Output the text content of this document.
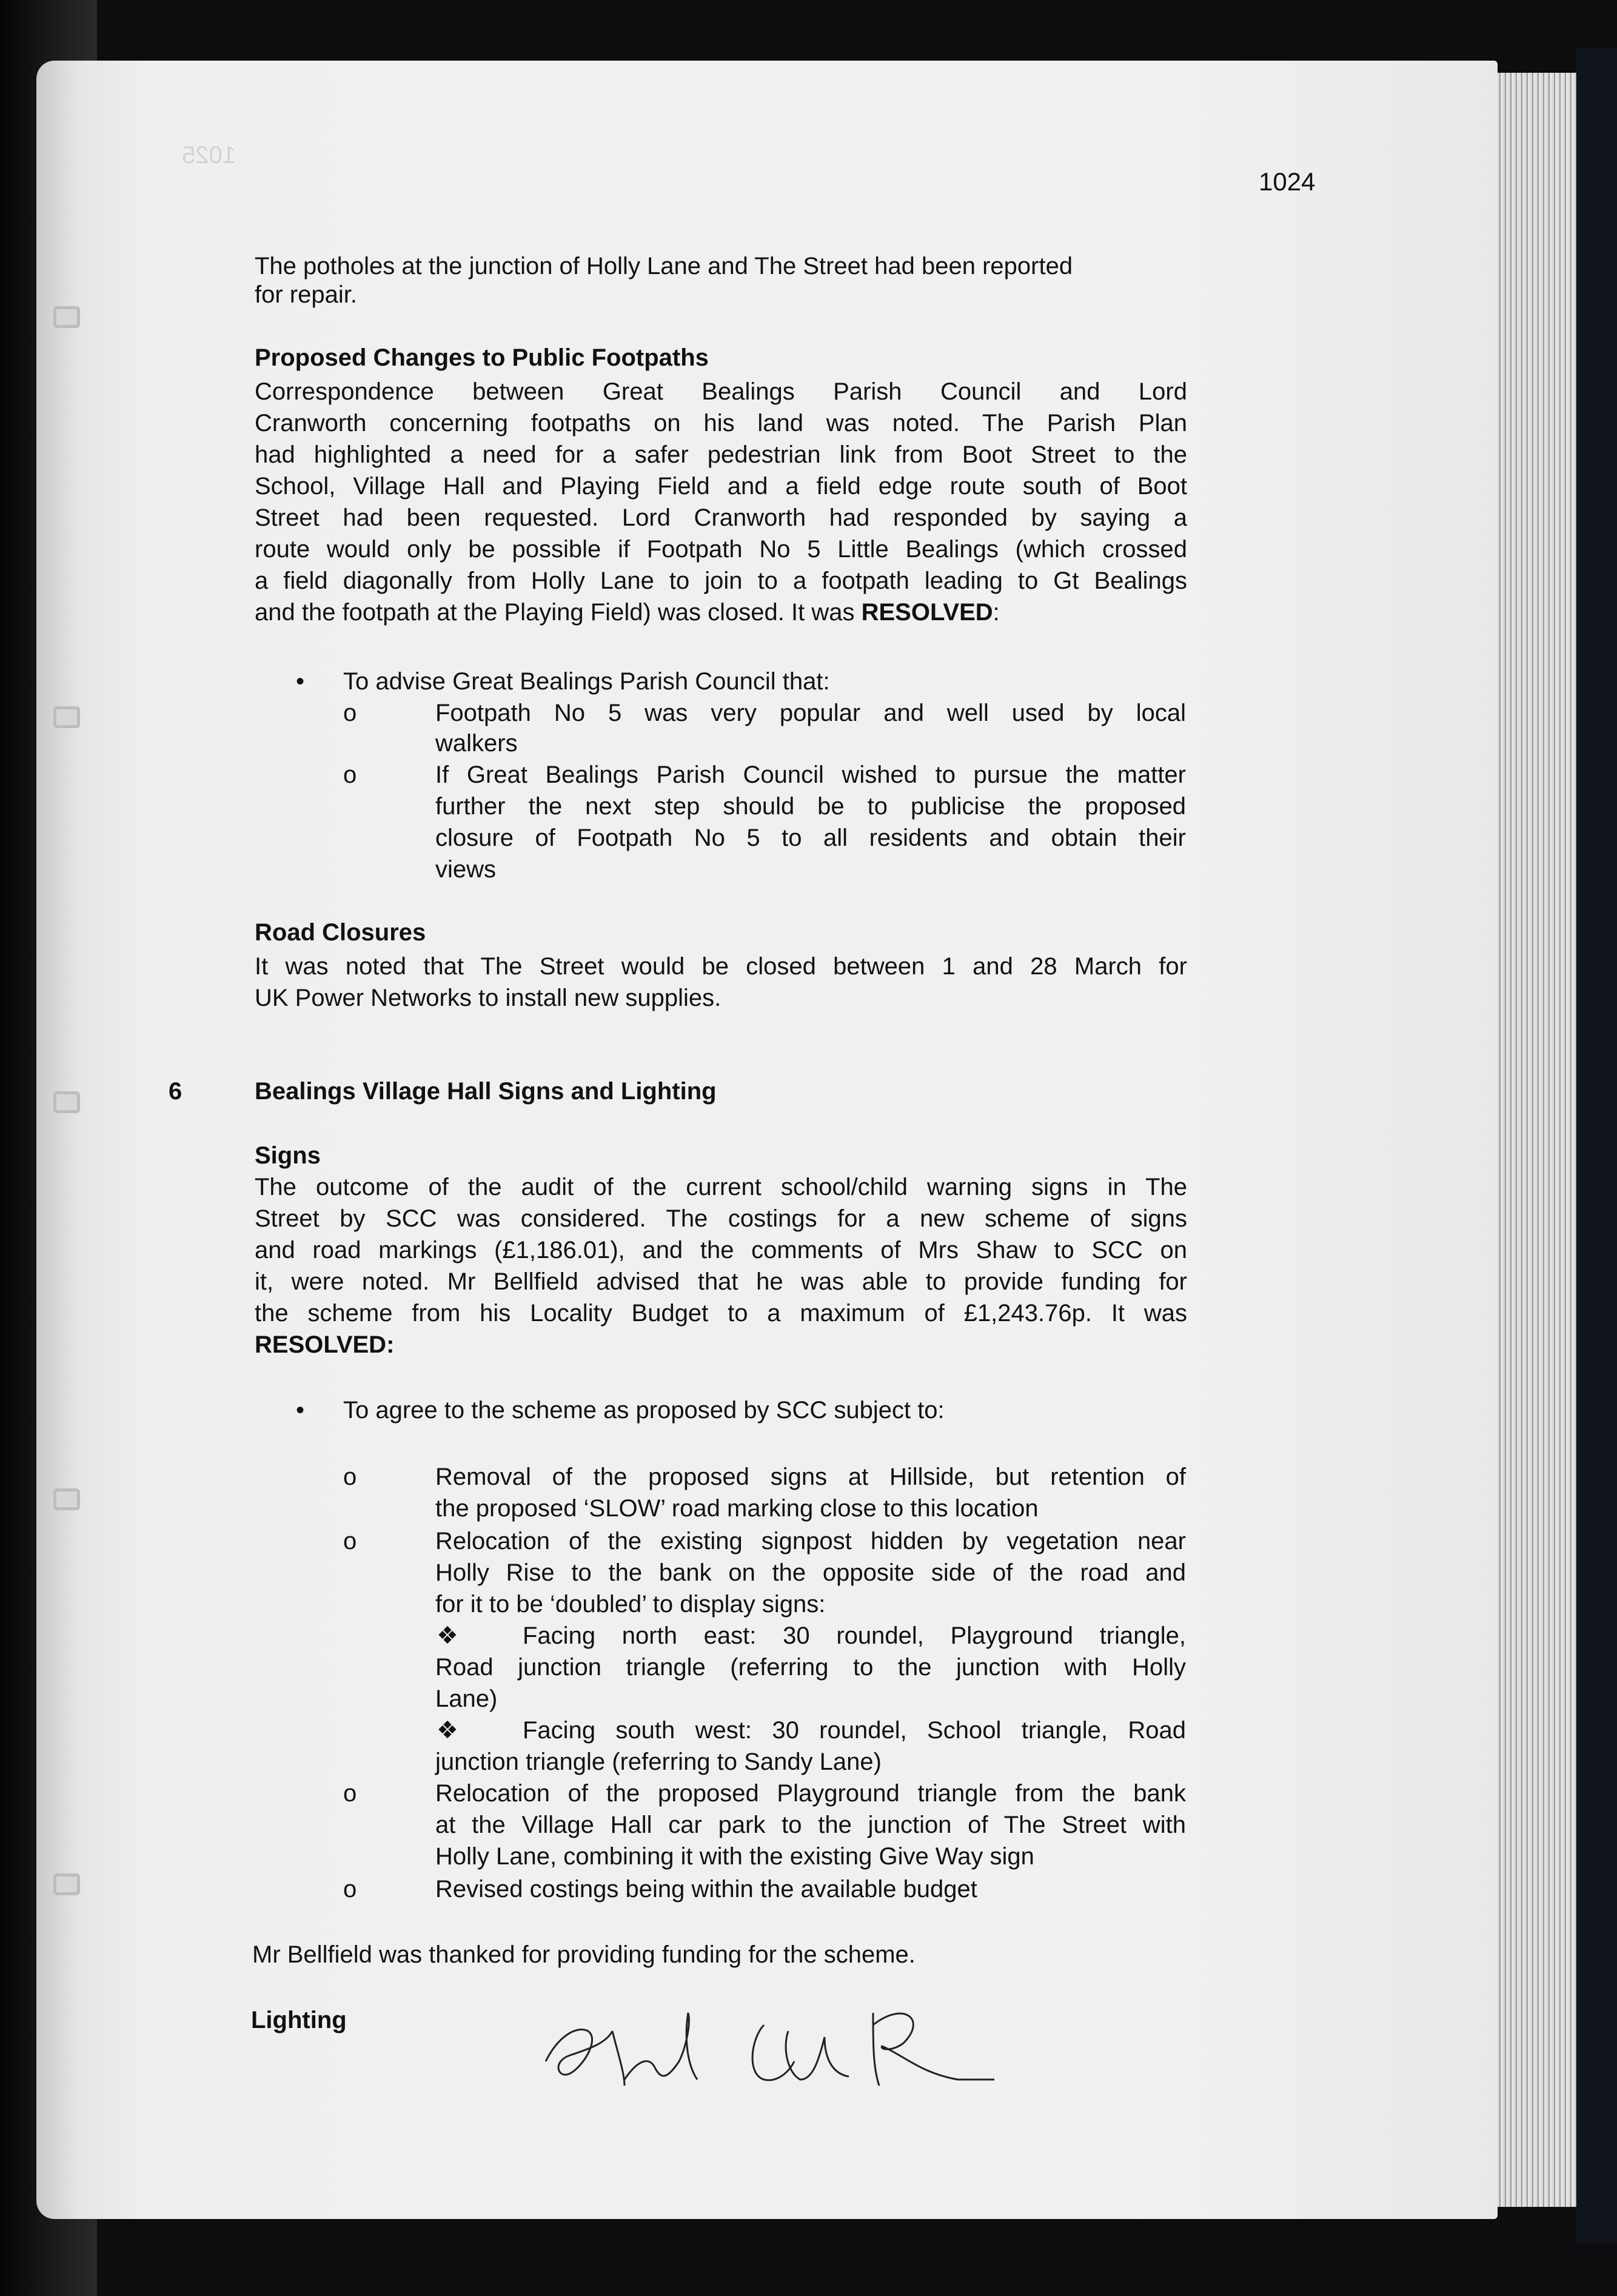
1025
1024
The potholes at the junction of Holly Lane and The Street had been reported
for repair.
Proposed Changes to Public Footpaths
Correspondence between Great Bealings Parish Council and Lord
Cranworth concerning footpaths on his land was noted. The Parish Plan
had highlighted a need for a safer pedestrian link from Boot Street to the
School, Village Hall and Playing Field and a field edge route south of Boot
Street had been requested. Lord Cranworth had responded by saying a
route would only be possible if Footpath No 5 Little Bealings (which crossed
a field diagonally from Holly Lane to join to a footpath leading to Gt Bealings
and the footpath at the Playing Field) was closed. It was RESOLVED:
• To advise Great Bealings Parish Council that:
o	Footpath No 5 was very popular and well used by local
walkers
o	If Great Bealings Parish Council wished to pursue the matter
further the next step should be to publicise the proposed
closure of Footpath No 5 to all residents and obtain their
views
Road Closures
It was noted that The Street would be closed between 1 and 28 March for
UK Power Networks to install new supplies.
6	Bealings Village Hall Signs and Lighting
Signs
The outcome of the audit of the current school/child warning signs in The
Street by SCC was considered. The costings for a new scheme of signs
and road markings (£1,186.01), and the comments of Mrs Shaw to SCC on
it, were noted. Mr Bellfield advised that he was able to provide funding for
the scheme from his Locality Budget to a maximum of £1,243.76p. It was
RESOLVED:
• To agree to the scheme as proposed by SCC subject to:
o	Removal of the proposed signs at Hillside, but retention of
the proposed ‘SLOW’ road marking close to this location
o	Relocation of the existing signpost hidden by vegetation near
Holly Rise to the bank on the opposite side of the road and
for it to be ‘doubled’ to display signs:
❖	Facing north east: 30 roundel, Playground triangle,
Road junction triangle (referring to the junction with Holly
Lane)
❖	Facing south west: 30 roundel, School triangle, Road
junction triangle (referring to Sandy Lane)
o	Relocation of the proposed Playground triangle from the bank
at the Village Hall car park to the junction of The Street with
Holly Lane, combining it with the existing Give Way sign
o	Revised costings being within the available budget
Mr Bellfield was thanked for providing funding for the scheme.
Lighting
